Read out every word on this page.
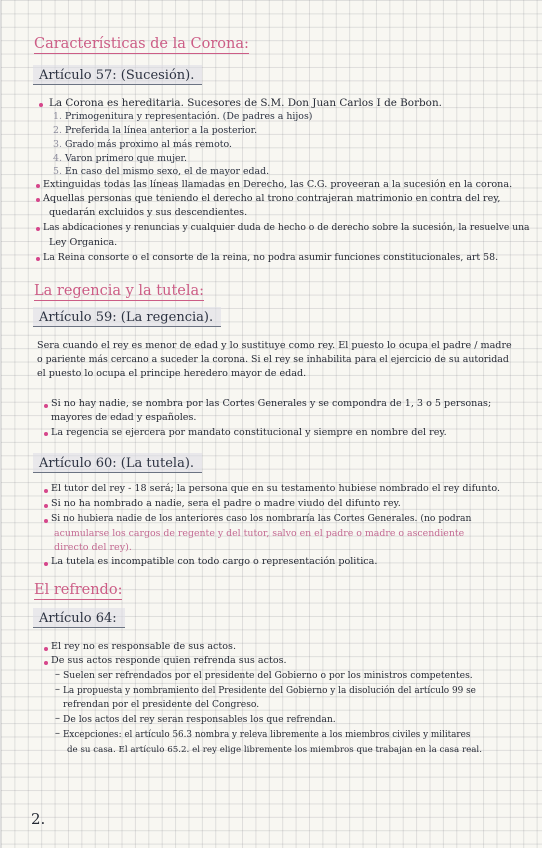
Características de la Corona:
Artículo 57: (Sucesión).
La Corona es hereditaria. Sucesores de S.M. Don Juan Carlos I de Borbon.
1. Primogenitura y representación. (De padres a hijos)
2. Preferida la línea anterior a la posterior.
3. Grado más proximo al más remoto.
4. Varon primero que mujer.
5. En caso del mismo sexo, el de mayor edad.
Extinguidas todas las líneas llamadas en Derecho, las C.G. proveeran a la sucesión en la corona.
Aquellas personas que teniendo el derecho al trono contrajeran matrimonio en contra del rey,
quedarán excluidos y sus descendientes.
Las abdicaciones y renuncias y cualquier duda de hecho o de derecho sobre la sucesión, la resuelve una
Ley Organica.
La Reina consorte o el consorte de la reina, no podra asumir funciones constitucionales, art 58.
La regencia y la tutela:
Artículo 59: (La regencia).
Sera cuando el rey es menor de edad y lo sustituye como rey. El puesto lo ocupa el padre / madre
o pariente más cercano a suceder la corona. Si el rey se inhabilita para el ejercicio de su autoridad
el puesto lo ocupa el principe heredero mayor de edad.
Si no hay nadie, se nombra por las Cortes Generales y se compondra de 1, 3 o 5 personas;
mayores de edad y españoles.
La regencia se ejercera por mandato constitucional y siempre en nombre del rey.
Artículo 60: (La tutela).
El tutor del rey - 18 será; la persona que en su testamento hubiese nombrado el rey difunto.
Si no ha nombrado a nadie, sera el padre o madre viudo del difunto rey.
Si no hubiera nadie de los anteriores caso los nombraría las Cortes Generales. (no podran
acumularse los cargos de regente y del tutor, salvo en el padre o madre o ascendiente
directo del rey).
La tutela es incompatible con todo cargo o representación politica.
El refrendo:
Artículo 64:
El rey no es responsable de sus actos.
De sus actos responde quien refrenda sus actos.
– Suelen ser refrendados por el presidente del Gobierno o por los ministros competentes.
– La propuesta y nombramiento del Presidente del Gobierno y la disolución del artículo 99 se
refrendan por el presidente del Congreso.
– De los actos del rey seran responsables los que refrendan.
– Excepciones: el artículo 56.3 nombra y releva libremente a los miembros civiles y militares
de su casa. El artículo 65.2. el rey elige libremente los miembros que trabajan en la casa real.
2.
